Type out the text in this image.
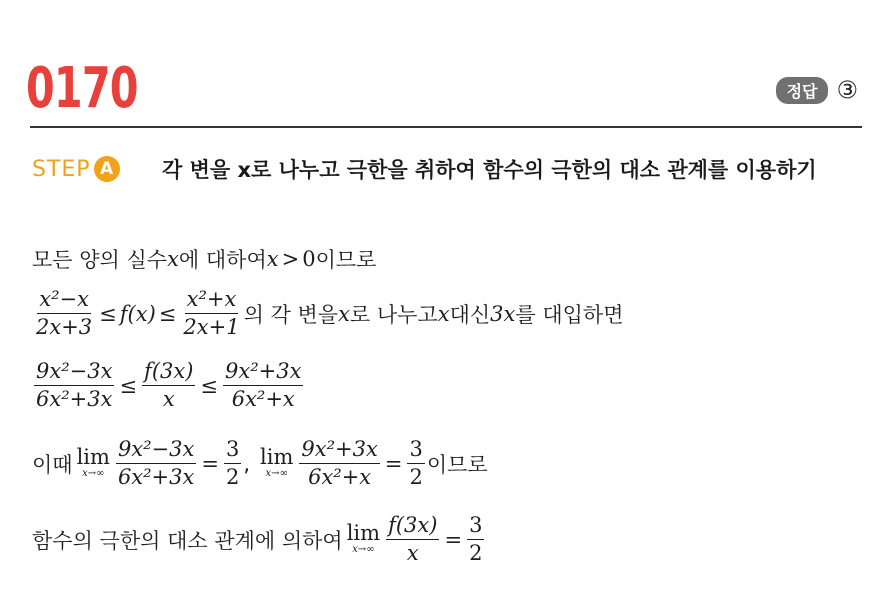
0170	정답 ③
STEP A	각 변을 x로 나누고 극한을 취하여 함수의 극한의 대소 관계를 이용하기
모든 양의 실수 x 에 대하여 x > 0 이므로
$\frac{\text{x²−x}}{2x+3} \le f(x) \le \frac{\text{x²+x}}{2x+1}$ 의 각 변을 x 로 나누고 x 대신 3x 를 대입하면
$\frac{\text{9x²−3x}}{\text{6x²+3x}} \le \frac{f(3x)}{x} \le \frac{\text{9x²+3x}}{\text{6x²+x}}$
이때 lim
$x\to\infty \frac{\text{9x²−3x}}{\text{6x²+3x}} = \frac{3}{2}$ , lim
$x\to\infty \frac{\text{9x²+3x}}{\text{6x²+x}} = \frac{3}{2}$ 이므로
함수의 극한의 대소 관계에 의하여 lim
$x\to\infty \frac{f(3x)}{x} = \frac{3}{2}$
